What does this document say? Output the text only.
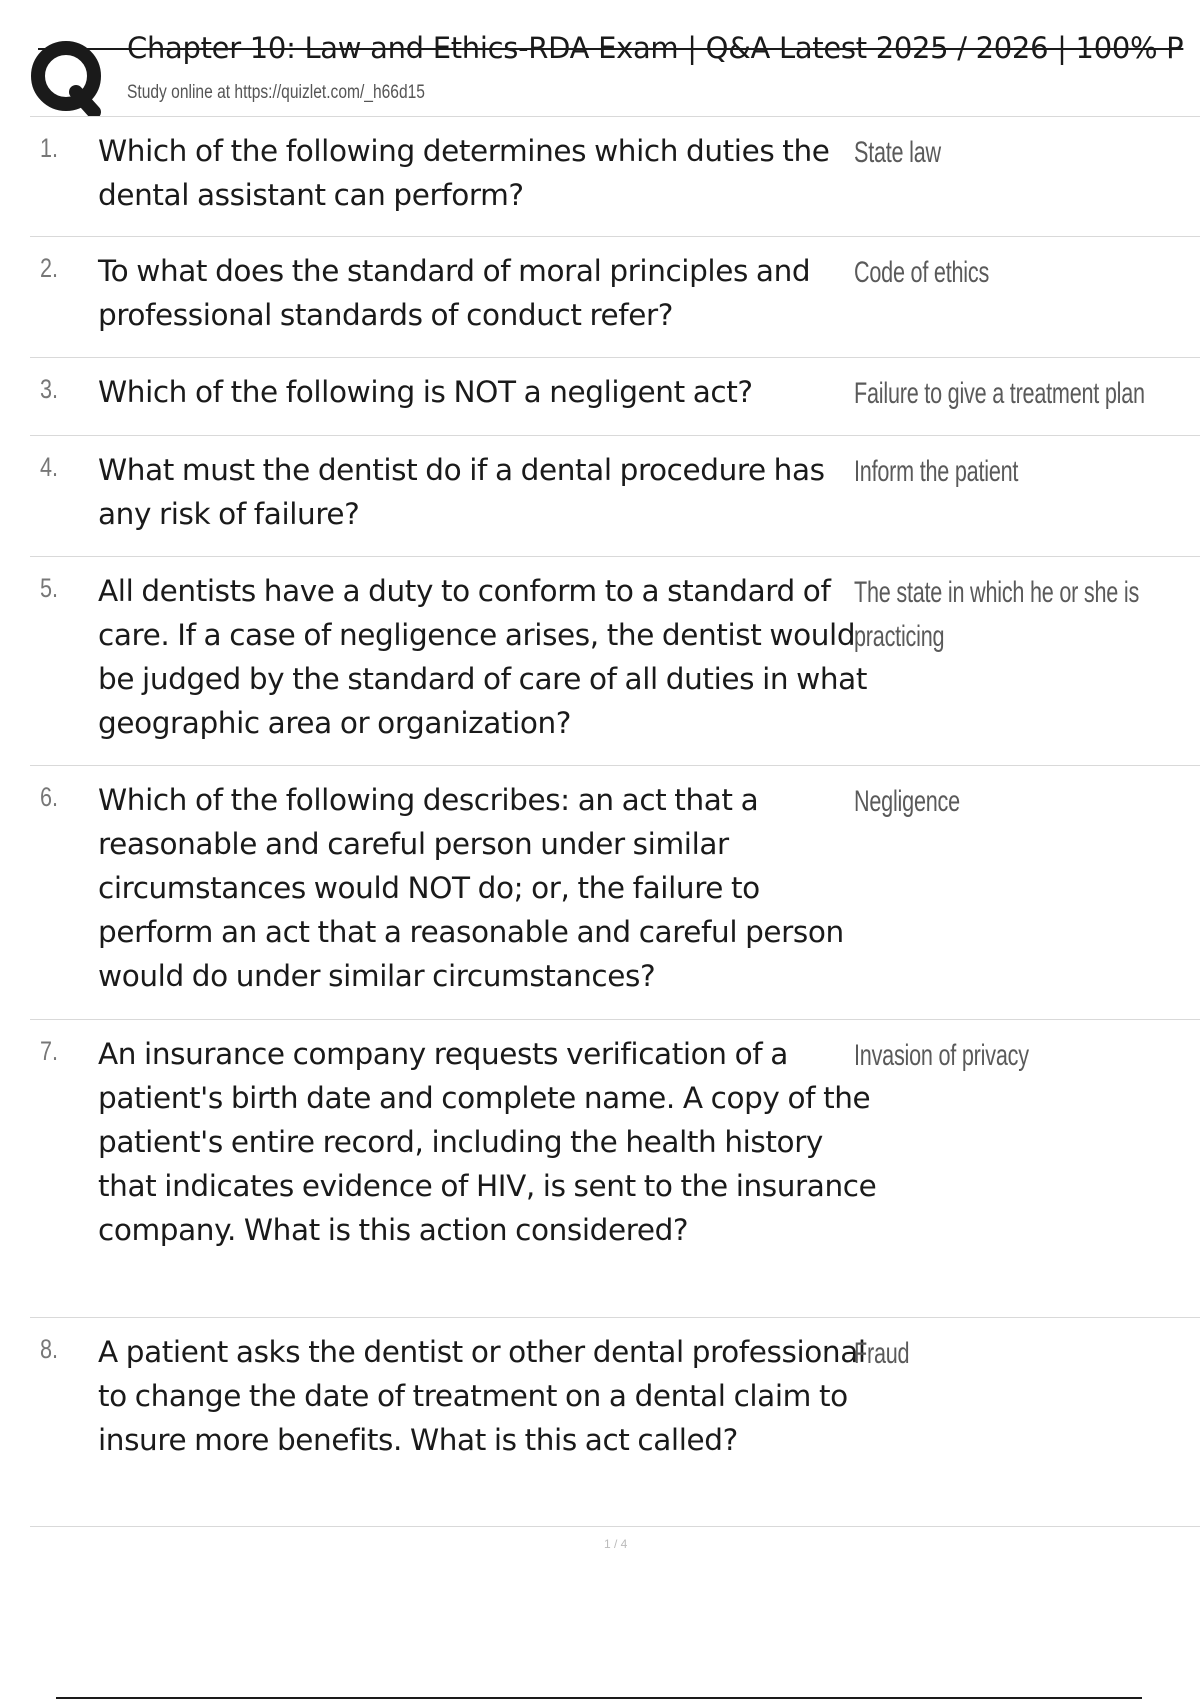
Chapter 10: Law and Ethics-RDA Exam | Q&A Latest 2025 / 2026 | 100% P
Study online at https://quizlet.com/_h66d15
1. Which of the following determines which duties the dental assistant can perform?
State law
2. To what does the standard of moral principles and professional standards of conduct refer?
Code of ethics
3. Which of the following is NOT a negligent act?	Failure to give a treatment plan
4. What must the dentist do if a dental procedure has any risk of failure?
Inform the patient
5. All dentists have a duty to conform to a standard of care. If a case of negligence arises, the dentist would be judged by the standard of care of all duties in what geographic area or organization?
The state in which he or she is practicing
6. Which of the following describes: an act that a reasonable and careful person under similar circumstances would NOT do; or, the failure to perform an act that a reasonable and careful person would do under similar circumstances?
Negligence
7. An insurance company requests verification of a patient's birth date and complete name. A copy of the patient's entire record, including the health history that indicates evidence of HIV, is sent to the insurance company. What is this action considered?
Invasion of privacy
8. A patient asks the dentist or other dental professional to change the date of treatment on a dental claim to insure more benefits. What is this act called?
Fraud
1 / 4
